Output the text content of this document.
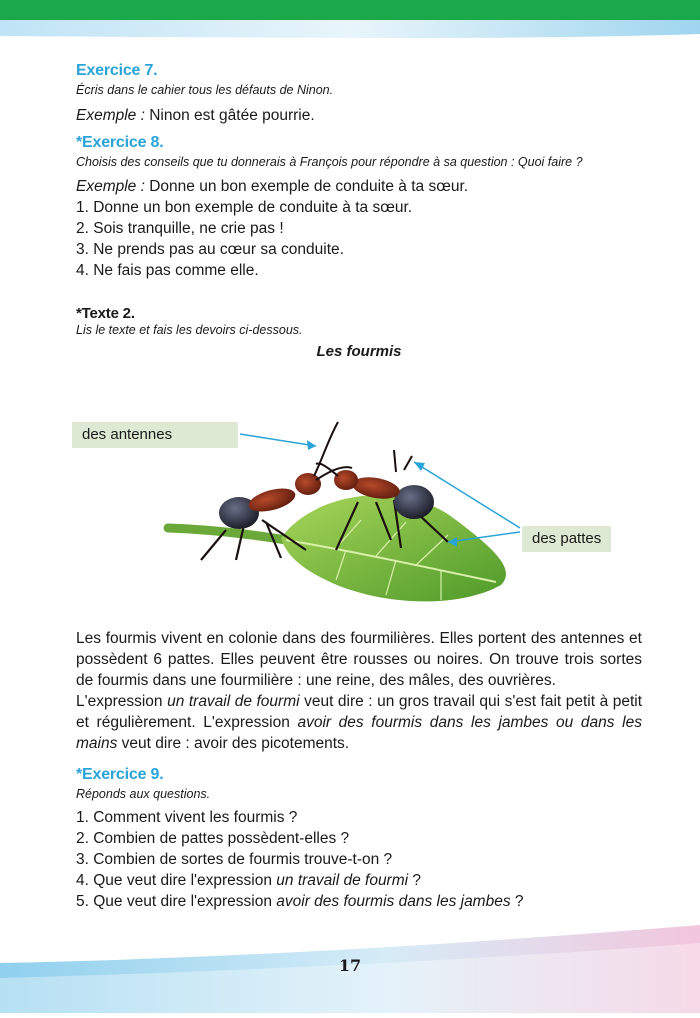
Exercice 7.

Écris dans le cahier tous les défauts de Ninon.

Exemple : Ninon est gâtée pourrie.

*Exercice 8.

Choisis des conseils que tu donnerais à François pour répondre à sa question : Quoi faire ?

Exemple : Donne un bon exemple de conduite à ta sœur.

1. Donne un bon exemple de conduite à ta sœur.

2. Sois tranquille, ne crie pas !

3. Ne prends pas au cœur sa conduite.

4. Ne fais pas comme elle.

*Texte 2.

Lis le texte et fais les devoirs ci-dessous.

Les fourmis

des antennes
des pattes

Les fourmis vivent en colonie dans des fourmilières. Elles portent des antennes et possèdent 6 pattes. Elles peuvent être rousses ou noires. On trouve trois sortes de fourmis dans une fourmilière : une reine, des mâles, des ouvrières.

L'expression un travail de fourmi veut dire : un gros travail qui s'est fait petit à petit et régulièrement. L'expression avoir des fourmis dans les jambes ou dans les mains veut dire : avoir des picotements.

*Exercice 9.

Réponds aux questions.

1. Comment vivent les fourmis ?

2. Combien de pattes possèdent-elles ?

3. Combien de sortes de fourmis trouve-t-on ?

4. Que veut dire l'expression un travail de fourmi ?

5. Que veut dire l'expression avoir des fourmis dans les jambes ?

17
